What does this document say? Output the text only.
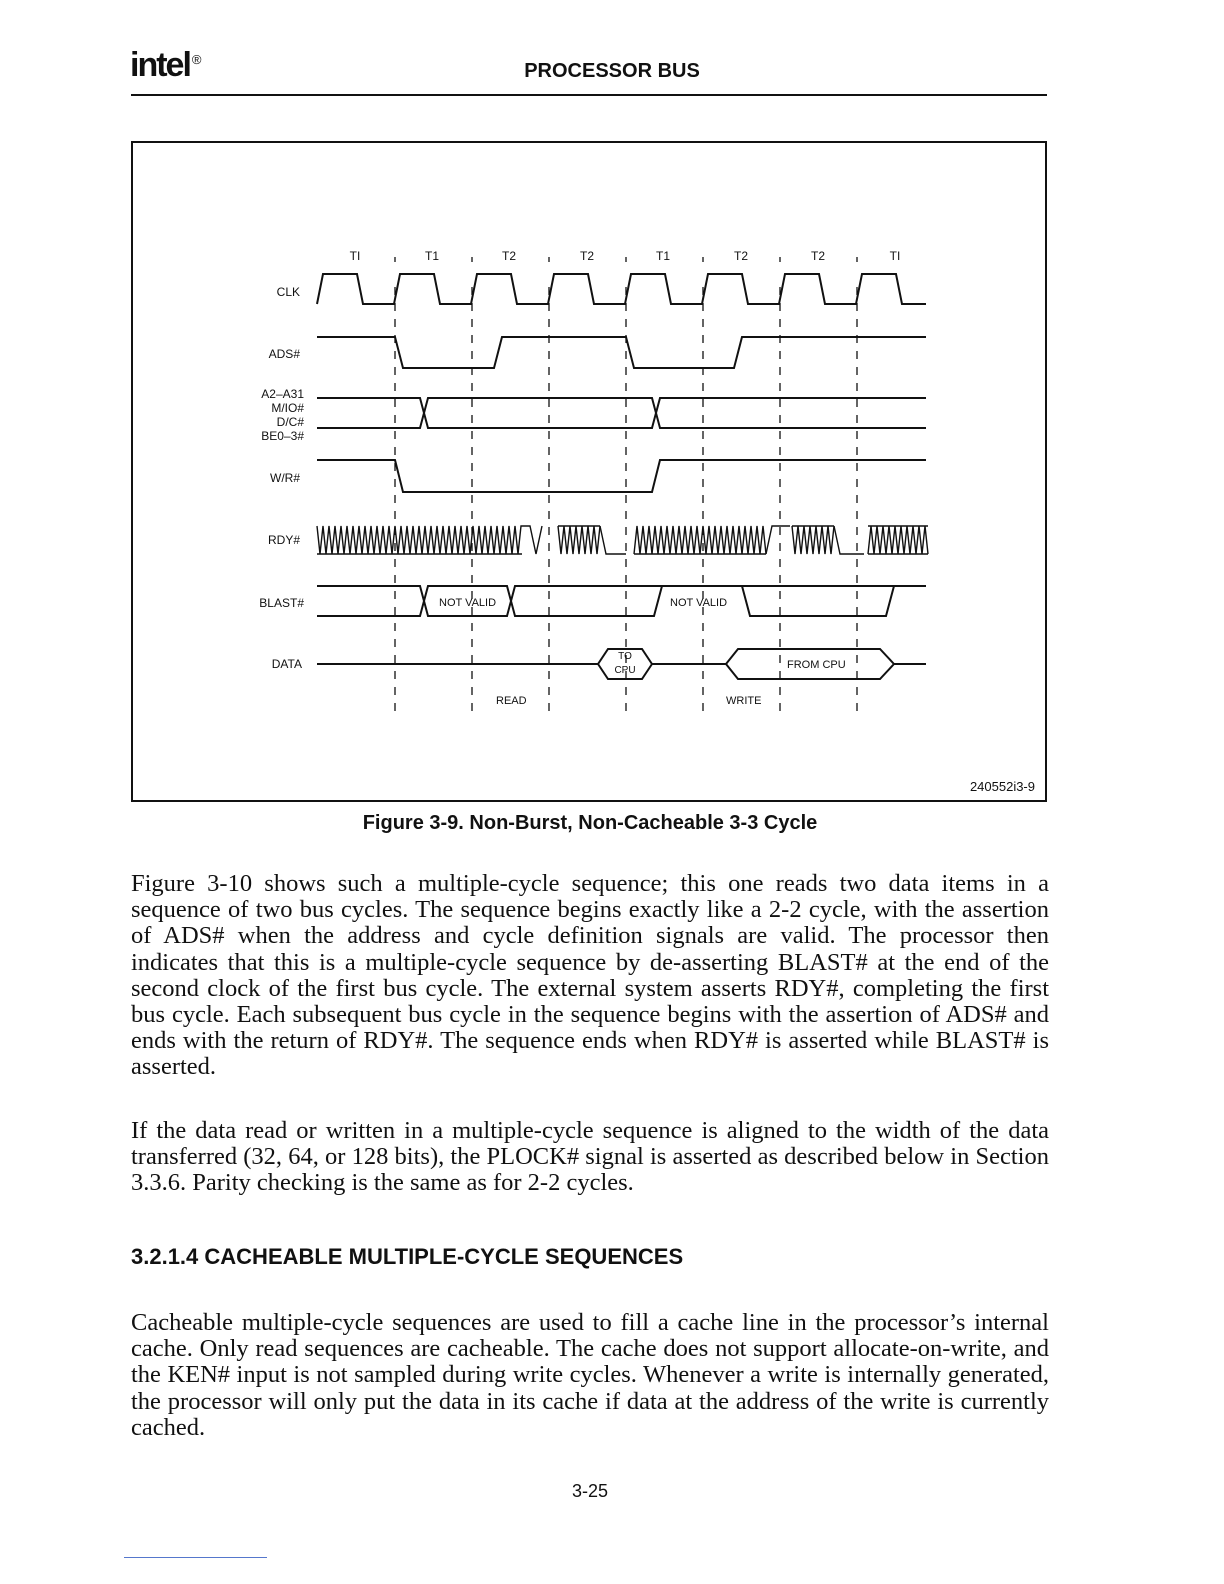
intel ®
PROCESSOR BUS
TI	T1	T2	T2	T1	T2	T2	TI
CLK
ADS#
A2–A31
M/IO#
D/C#
BE0–3#
W/R#
RDY#
BLAST#
DATA
NOT VALID	NOT VALID
TO
CPU	FROM CPU
READ	WRITE
240552i3-9
Figure 3-9. Non-Burst, Non-Cacheable 3-3 Cycle
Figure 3-10 shows such a multiple-cycle sequence; this one reads two data items in a sequence of two bus cycles. The sequence begins exactly like a 2-2 cycle, with the assertion of ADS# when the address and cycle definition signals are valid. The processor then indicates that this is a multiple-cycle sequence by de-asserting BLAST# at the end of the second clock of the first bus cycle. The external system asserts RDY#, completing the first bus cycle. Each subsequent bus cycle in the sequence begins with the assertion of ADS# and ends with the return of RDY#. The sequence ends when RDY# is asserted while BLAST# is asserted.
If the data read or written in a multiple-cycle sequence is aligned to the width of the data transferred (32, 64, or 128 bits), the PLOCK# signal is asserted as described below in Section 3.3.6. Parity checking is the same as for 2-2 cycles.
3.2.1.4 CACHEABLE MULTIPLE-CYCLE SEQUENCES
Cacheable multiple-cycle sequences are used to fill a cache line in the processor’s internal cache. Only read sequences are cacheable. The cache does not support allocate-on-write, and the KEN# input is not sampled during write cycles. Whenever a write is internally generated, the processor will only put the data in its cache if data at the address of the write is currently cached.
3-25
